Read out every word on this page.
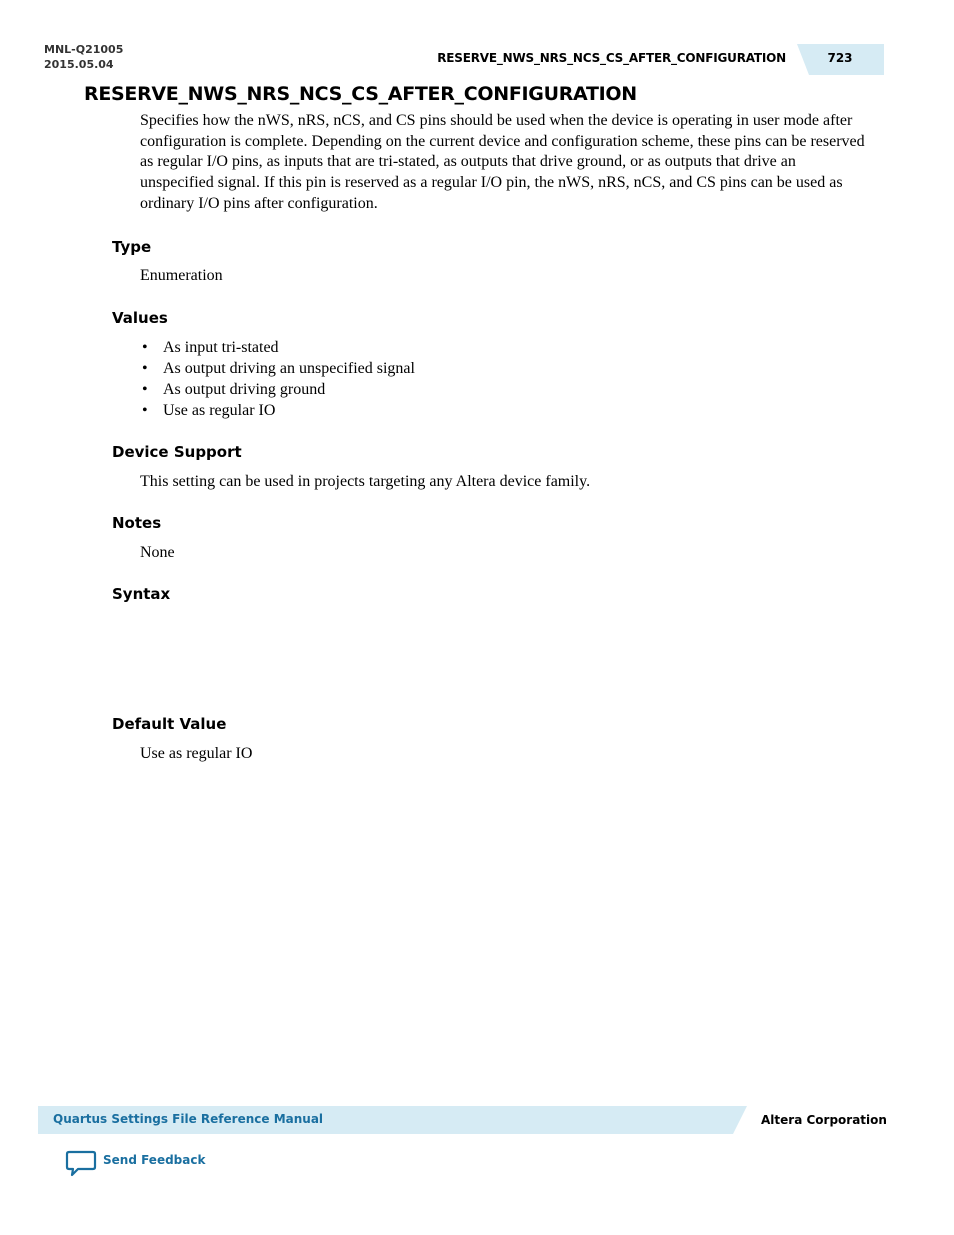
MNL-Q21005
2015.05.04	RESERVE_NWS_NRS_NCS_CS_AFTER_CONFIGURATION	723
RESERVE_NWS_NRS_NCS_CS_AFTER_CONFIGURATION

Specifies how the nWS, nRS, nCS, and CS pins should be used when the device is operating in user mode after configuration is complete. Depending on the current device and configuration scheme, these pins can be reserved as regular I/O pins, as inputs that are tri-stated, as outputs that drive ground, or as outputs that drive an unspecified signal. If this pin is reserved as a regular I/O pin, the nWS, nRS, nCS, and CS pins can be used as ordinary I/O pins after configuration.

Type

Enumeration

Values
• As input tri-stated
• As output driving an unspecified signal
• As output driving ground
• Use as regular IO
Device Support

This setting can be used in projects targeting any Altera device family.

Notes

None

Syntax
Default Value

Use as regular IO

Quartus Settings File Reference Manual	Altera Corporation
Send Feedback
